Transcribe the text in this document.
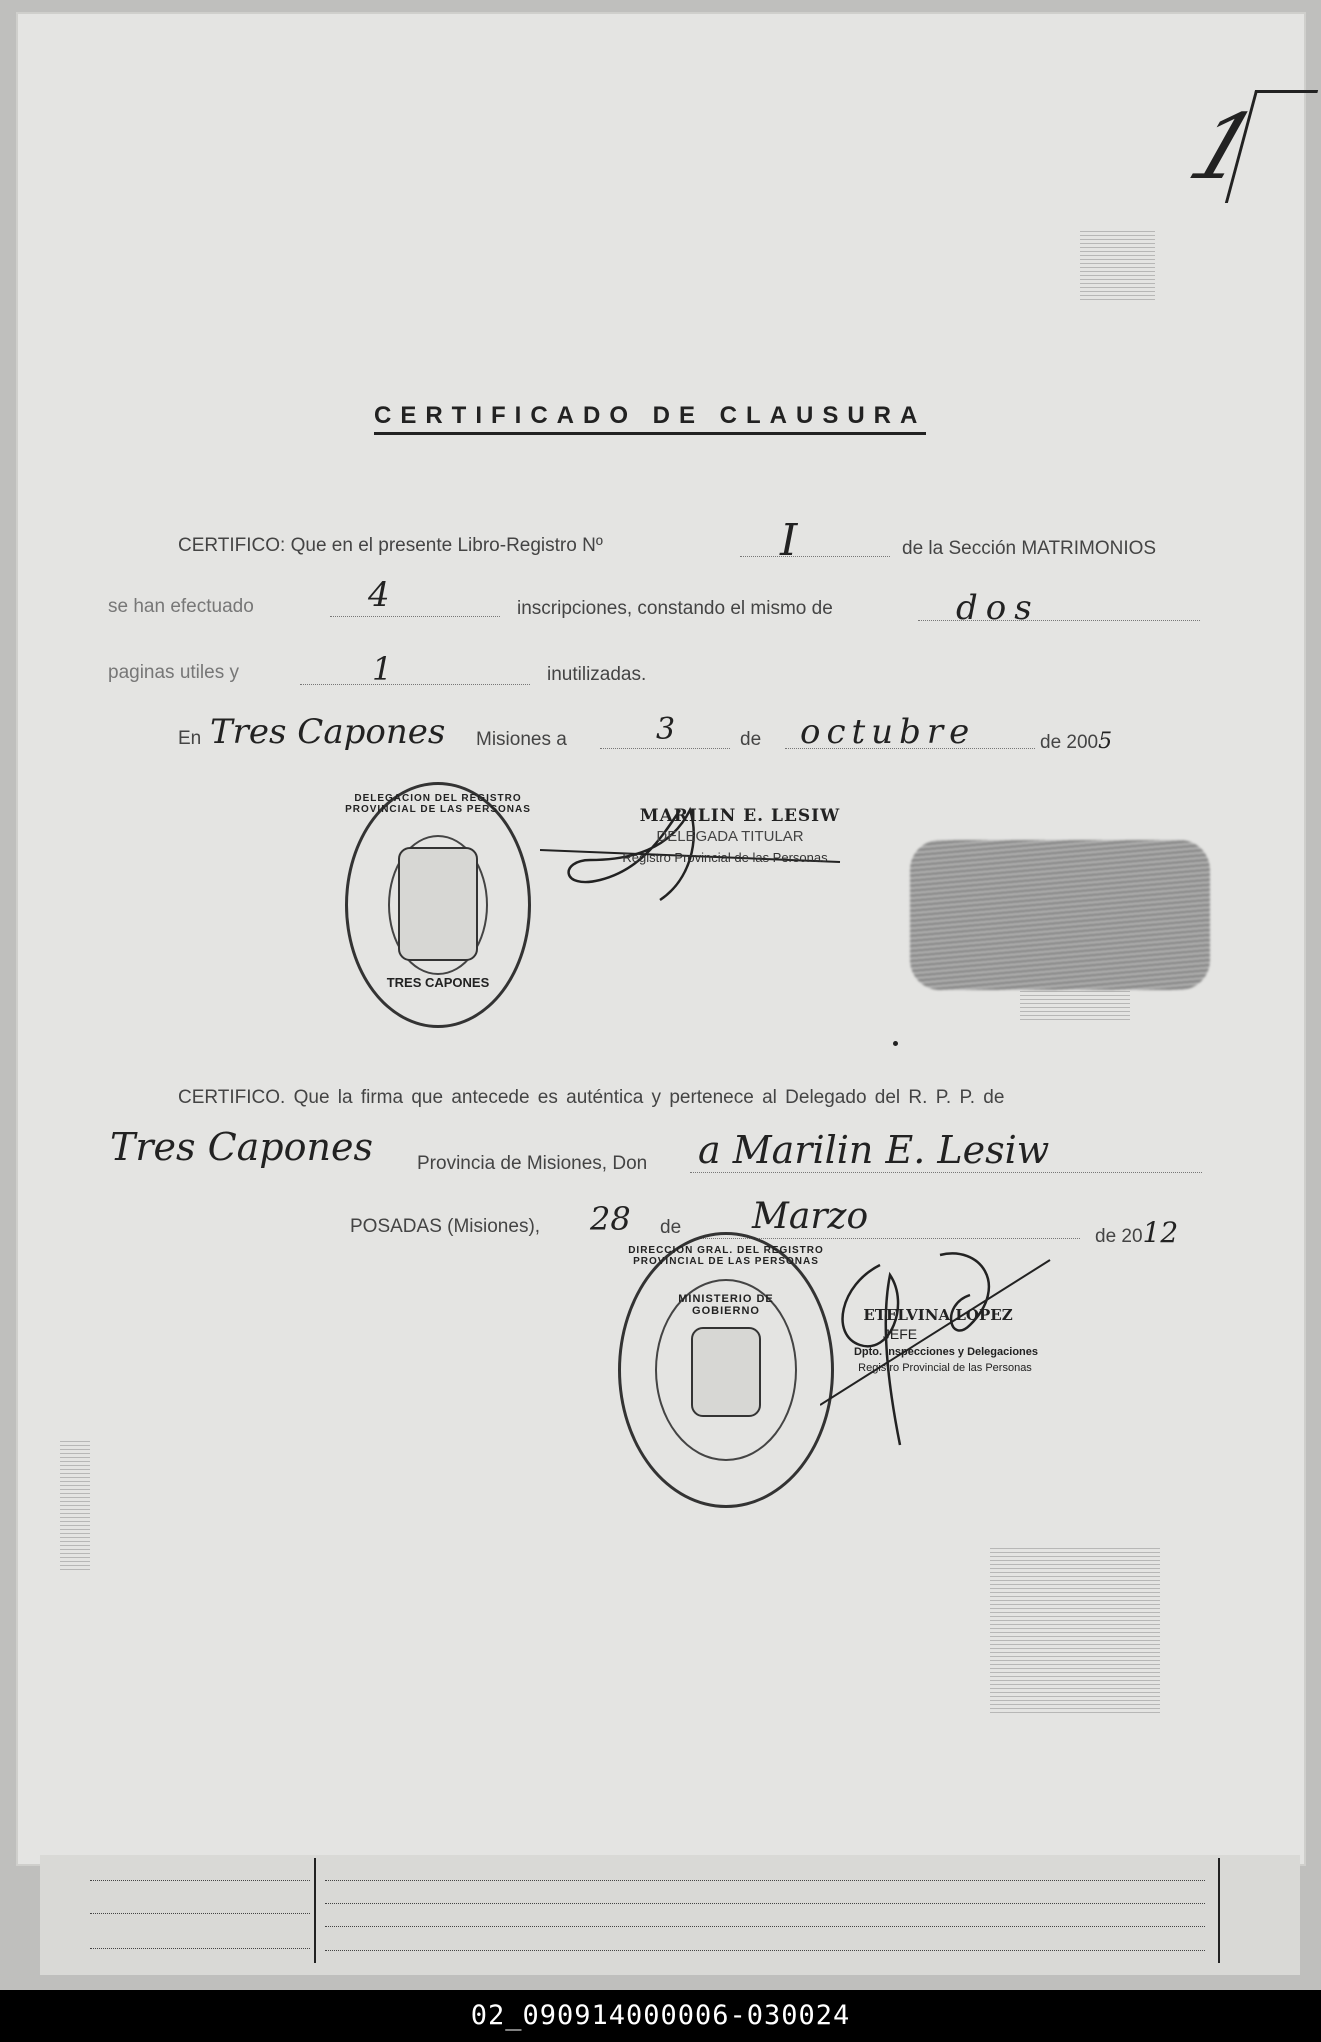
1
CERTIFICADO DE CLAUSURA
CERTIFICO: Que en el presente Libro-Registro Nº	I	de la Sección MATRIMONIOS
se han efectuado	4	inscripciones, constando el mismo de	dos
paginas utiles y	1	inutilizadas.
En Tres Capones Misiones a	3	de octubre	de 2005
DELEGACION DEL REGISTRO PROVINCIAL DE LAS PERSONAS
TRES CAPONES
MARILIN E. LESIW
DELEGADA TITULAR
Registro Provincial de las Personas
CERTIFICO. Que la firma que antecede es auténtica y pertenece al Delegado del R. P. P. de
Tres Capones Provincia de Misiones, Don a Marilin E. Lesiw
POSADAS (Misiones), 28 de Marzo	de 2012
DIRECCION GRAL. DEL REGISTRO PROVINCIAL DE LAS PERSONAS
MINISTERIO DE GOBIERNO	ETELVINA LOPEZ
JEFE
Dpto. Inspecciones y Delegaciones
Registro Provincial de las Personas
02_090914000006-030024
